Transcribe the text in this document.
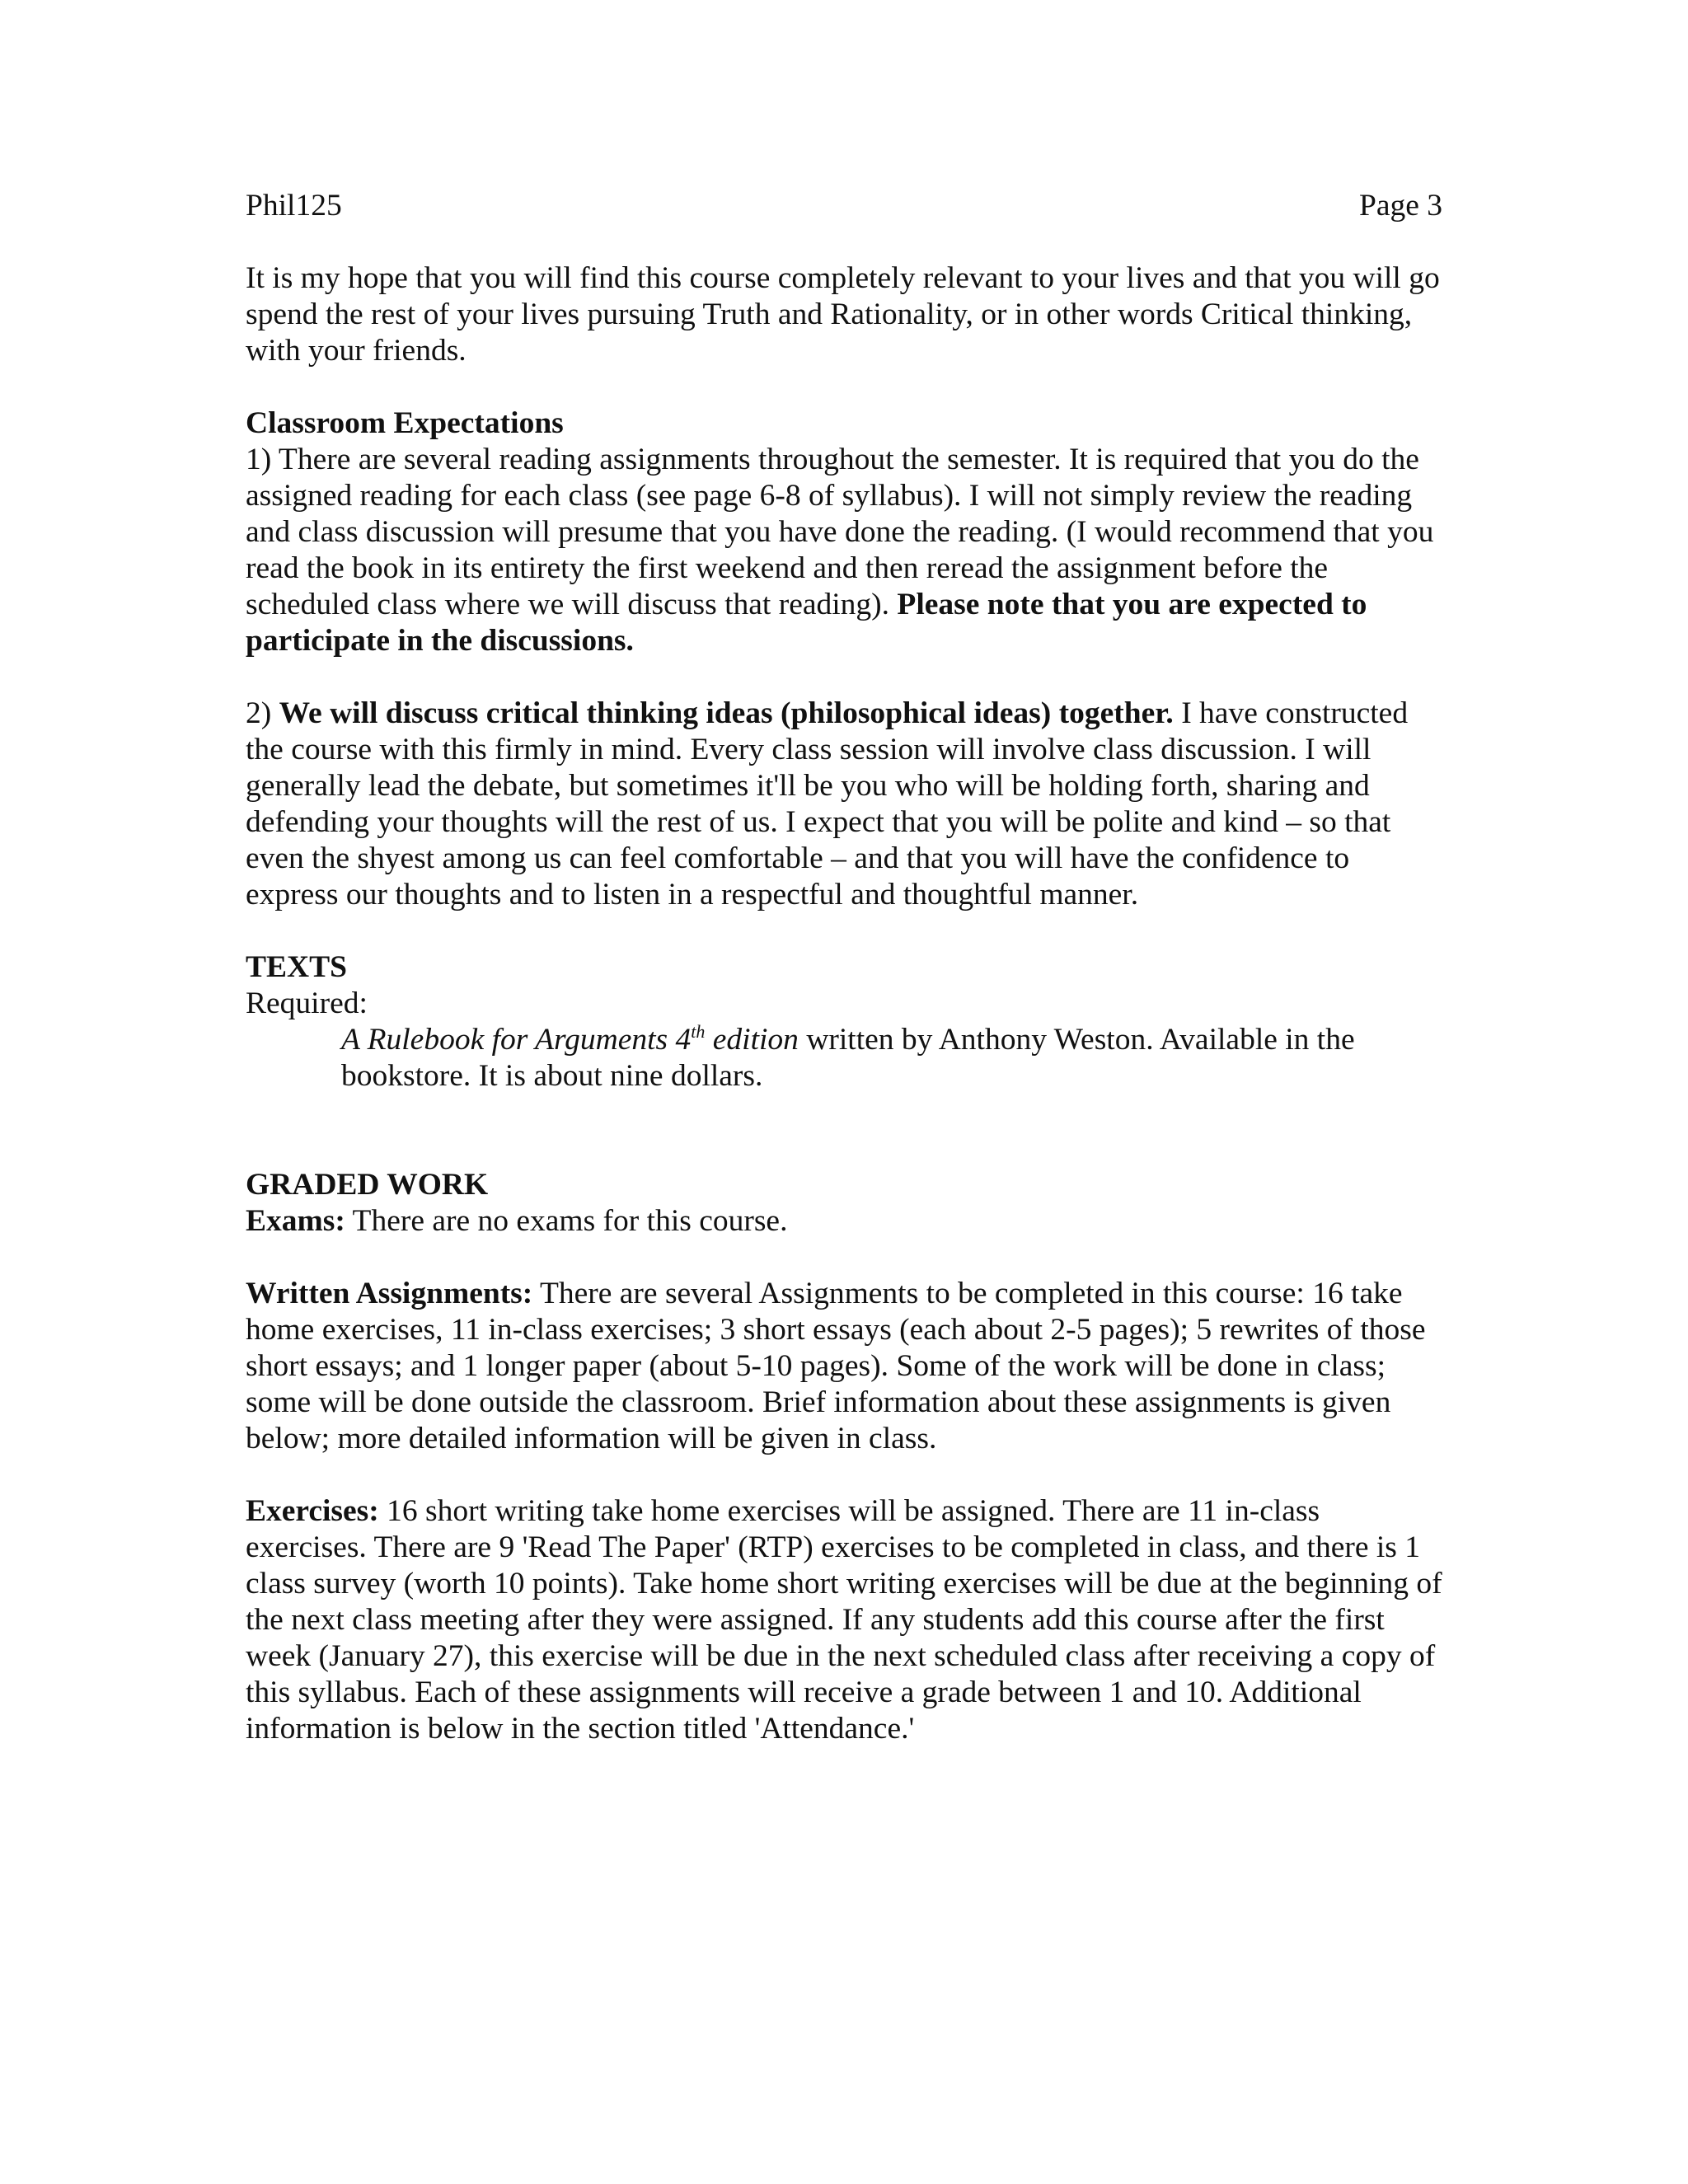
Phil125	Page 3

It is my hope that you will find this course completely relevant to your lives and that you will go spend the rest of your lives pursuing Truth and Rationality, or in other words Critical thinking, with your friends.

Classroom Expectations

1) There are several reading assignments throughout the semester. It is required that you do the assigned reading for each class (see page 6-8 of syllabus). I will not simply review the reading and class discussion will presume that you have done the reading. (I would recommend that you read the book in its entirety the first weekend and then reread the assignment before the scheduled class where we will discuss that reading). Please note that you are expected to participate in the discussions.

2) We will discuss critical thinking ideas (philosophical ideas) together. I have constructed the course with this firmly in mind. Every class session will involve class discussion. I will generally lead the debate, but sometimes it'll be you who will be holding forth, sharing and defending your thoughts will the rest of us. I expect that you will be polite and kind – so that even the shyest among us can feel comfortable – and that you will have the confidence to express our thoughts and to listen in a respectful and thoughtful manner.

TEXTS

Required:

A Rulebook for Arguments 4th edition written by Anthony Weston. Available in the bookstore. It is about nine dollars.

GRADED WORK

Exams: There are no exams for this course.

Written Assignments: There are several Assignments to be completed in this course: 16 take home exercises, 11 in-class exercises; 3 short essays (each about 2-5 pages); 5 rewrites of those short essays; and 1 longer paper (about 5-10 pages). Some of the work will be done in class; some will be done outside the classroom. Brief information about these assignments is given below; more detailed information will be given in class.

Exercises: 16 short writing take home exercises will be assigned. There are 11 in-class exercises. There are 9 'Read The Paper' (RTP) exercises to be completed in class, and there is 1 class survey (worth 10 points). Take home short writing exercises will be due at the beginning of the next class meeting after they were assigned. If any students add this course after the first week (January 27), this exercise will be due in the next scheduled class after receiving a copy of this syllabus. Each of these assignments will receive a grade between 1 and 10. Additional information is below in the section titled 'Attendance.'
